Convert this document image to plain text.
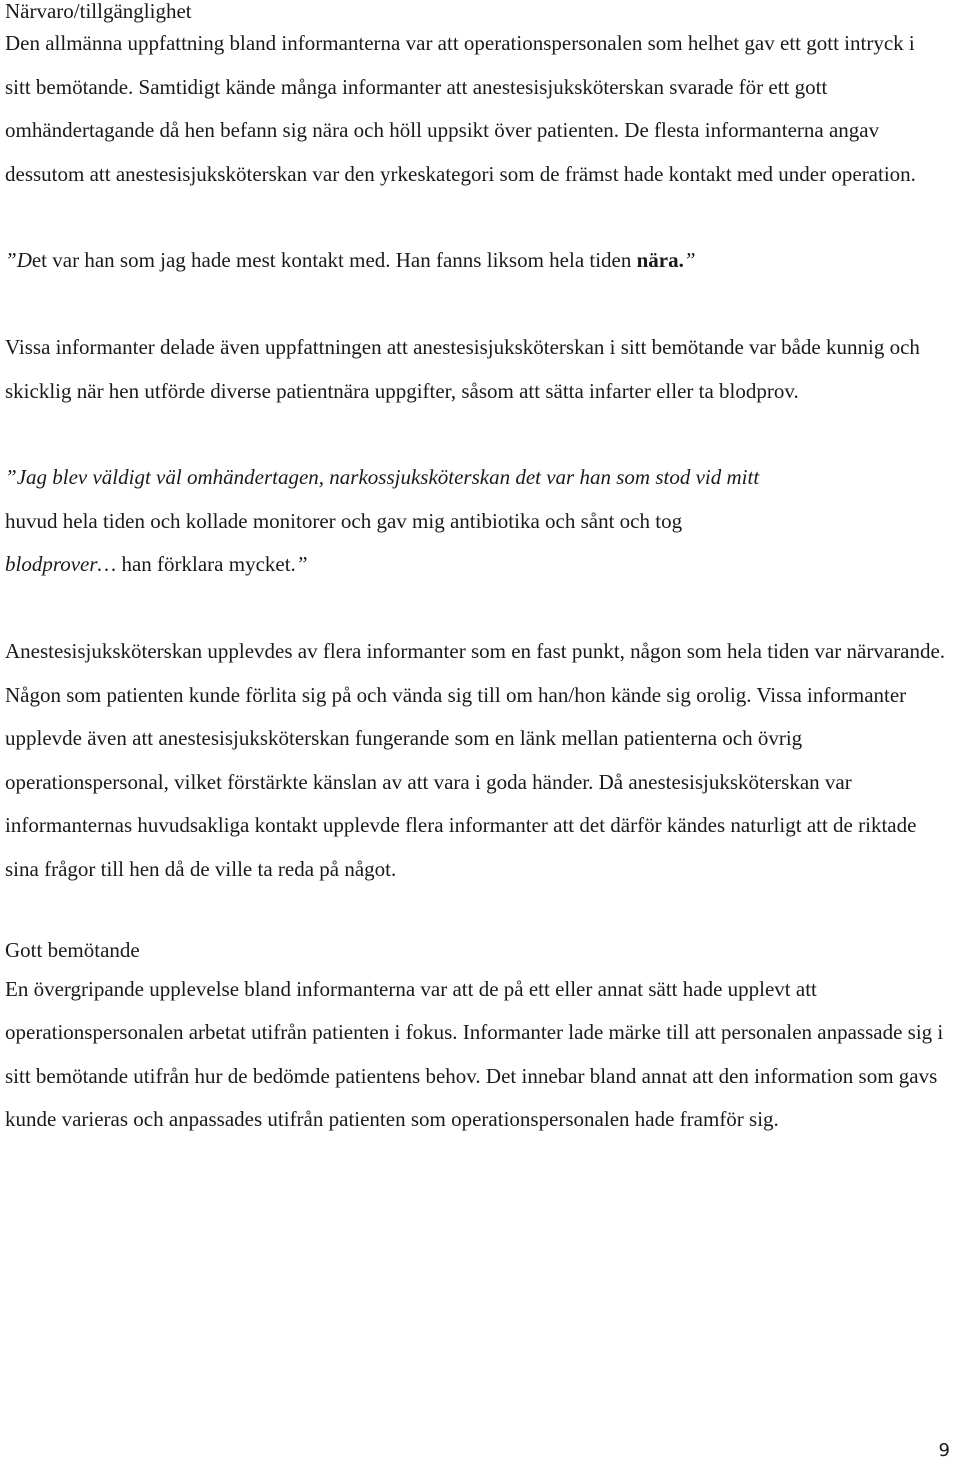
Närvaro/tillgänglighet

Den allmänna uppfattning bland informanterna var att operationspersonalen som helhet gav ett gott intryck i sitt bemötande. Samtidigt kände många informanter att anestesisjuksköterskan svarade för ett gott omhändertagande då hen befann sig nära och höll uppsikt över patienten. De flesta informanterna angav dessutom att anestesisjuksköterskan var den yrkeskategori som de främst hade kontakt med under operation.

”Det var han som jag hade mest kontakt med. Han fanns liksom hela tiden nära.”

Vissa informanter delade även uppfattningen att anestesisjuksköterskan i sitt bemötande var både kunnig och skicklig när hen utförde diverse patientnära uppgifter, såsom att sätta infarter eller ta blodprov.

”Jag blev väldigt väl omhändertagen, narkossjuksköterskan det var han som stod vid mitt
huvud hela tiden och kollade monitorer och gav mig antibiotika och sånt och tog
blodprover… han förklara mycket.”

Anestesisjuksköterskan upplevdes av flera informanter som en fast punkt, någon som hela tiden var närvarande. Någon som patienten kunde förlita sig på och vända sig till om han/hon kände sig orolig. Vissa informanter upplevde även att anestesisjuksköterskan fungerande som en länk mellan patienterna och övrig operationspersonal, vilket förstärkte känslan av att vara i goda händer. Då anestesisjuksköterskan var informanternas huvudsakliga kontakt upplevde flera informanter att det därför kändes naturligt att de riktade sina frågor till hen då de ville ta reda på något.

Gott bemötande

En övergripande upplevelse bland informanterna var att de på ett eller annat sätt hade upplevt att operationspersonalen arbetat utifrån patienten i fokus. Informanter lade märke till att personalen anpassade sig i sitt bemötande utifrån hur de bedömde patientens behov. Det innebar bland annat att den information som gavs kunde varieras och anpassades utifrån patienten som operationspersonalen hade framför sig.

9
